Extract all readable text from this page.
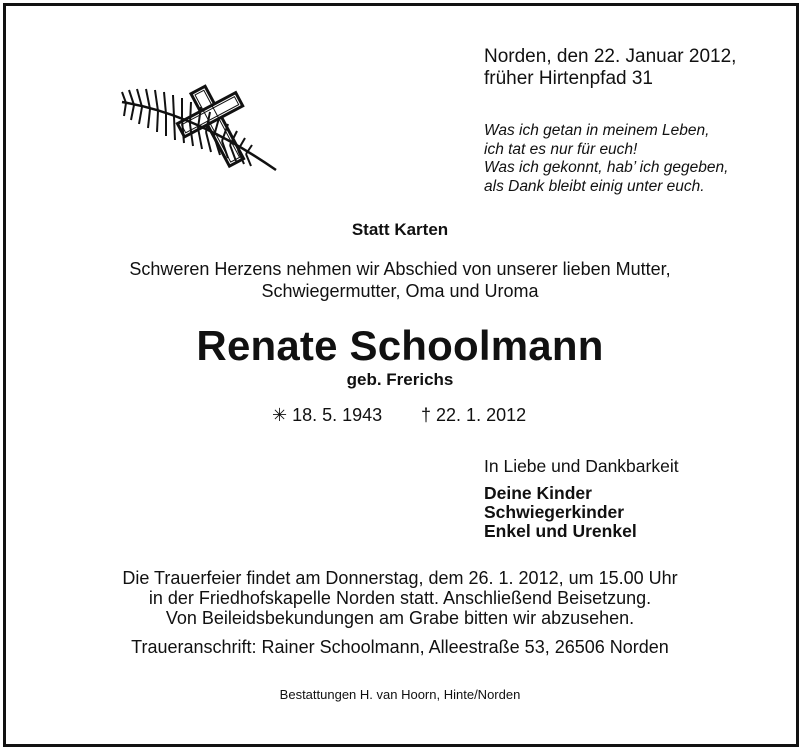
Norden, den 22. Januar 2012,
früher Hirtenpfad 31
Was ich getan in meinem Leben,
ich tat es nur für euch!
Was ich gekonnt, hab’ ich gegeben,
als Dank bleibt einig unter euch.
Statt Karten
Schweren Herzens nehmen wir Abschied von unserer lieben Mutter,
Schwiegermutter, Oma und Uroma
Renate Schoolmann
geb. Frerichs
✳ 18. 5. 1943 † 22. 1. 2012
In Liebe und Dankbarkeit
Deine Kinder
Schwiegerkinder
Enkel und Urenkel
Die Trauerfeier findet am Donnerstag, dem 26. 1. 2012, um 15.00 Uhr
in der Friedhofskapelle Norden statt. Anschließend Beisetzung.
Von Beileidsbekundungen am Grabe bitten wir abzusehen.
Traueranschrift: Rainer Schoolmann, Alleestraße 53, 26506 Norden
Bestattungen H. van Hoorn, Hinte/Norden
